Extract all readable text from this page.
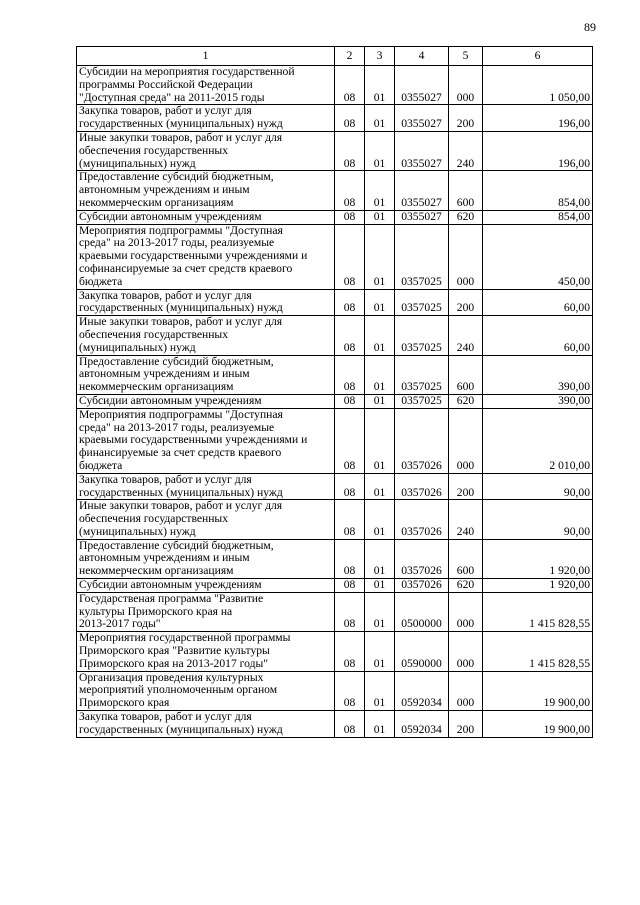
89
1	2	3	4	5	6
Субсидии на мероприятия государственной
программы Российской Федерации
"Доступная среда" на 2011-2015 годы	08	01	0355027	000	1 050,00
Закупка товаров, работ и услуг для
государственных (муниципальных) нужд	08	01	0355027	200	196,00
Иные закупки товаров, работ и услуг для
обеспечения государственных
(муниципальных) нужд	08	01	0355027	240	196,00
Предоставление субсидий бюджетным,
автономным учреждениям и иным
некоммерческим организациям	08	01	0355027	600	854,00
Субсидии автономным учреждениям	08	01	0355027	620	854,00
Мероприятия подпрограммы "Доступная
среда" на 2013-2017 годы, реализуемые
краевыми государственными учреждениями и
софинансируемые за счет средств краевого
бюджета	08	01	0357025	000	450,00
Закупка товаров, работ и услуг для
государственных (муниципальных) нужд	08	01	0357025	200	60,00
Иные закупки товаров, работ и услуг для
обеспечения государственных
(муниципальных) нужд	08	01	0357025	240	60,00
Предоставление субсидий бюджетным,
автономным учреждениям и иным
некоммерческим организациям	08	01	0357025	600	390,00
Субсидии автономным учреждениям	08	01	0357025	620	390,00
Мероприятия подпрограммы "Доступная
среда" на 2013-2017 годы, реализуемые
краевыми государственными учреждениями и
финансируемые за счет средств краевого
бюджета	08	01	0357026	000	2 010,00
Закупка товаров, работ и услуг для
государственных (муниципальных) нужд	08	01	0357026	200	90,00
Иные закупки товаров, работ и услуг для
обеспечения государственных
(муниципальных) нужд	08	01	0357026	240	90,00
Предоставление субсидий бюджетным,
автономным учреждениям и иным
некоммерческим организациям	08	01	0357026	600	1 920,00
Субсидии автономным учреждениям	08	01	0357026	620	1 920,00
Государственая программа "Развитие
культуры Приморского края на
2013-2017 годы"	08	01	0500000	000	1 415 828,55
Мероприятия государственной программы
Приморского края "Развитие культуры
Приморского края на 2013-2017 годы"	08	01	0590000	000	1 415 828,55
Организация проведения культурных
мероприятий уполномоченным органом
Приморского края	08	01	0592034	000	19 900,00
Закупка товаров, работ и услуг для
государственных (муниципальных) нужд	08	01	0592034	200	19 900,00
